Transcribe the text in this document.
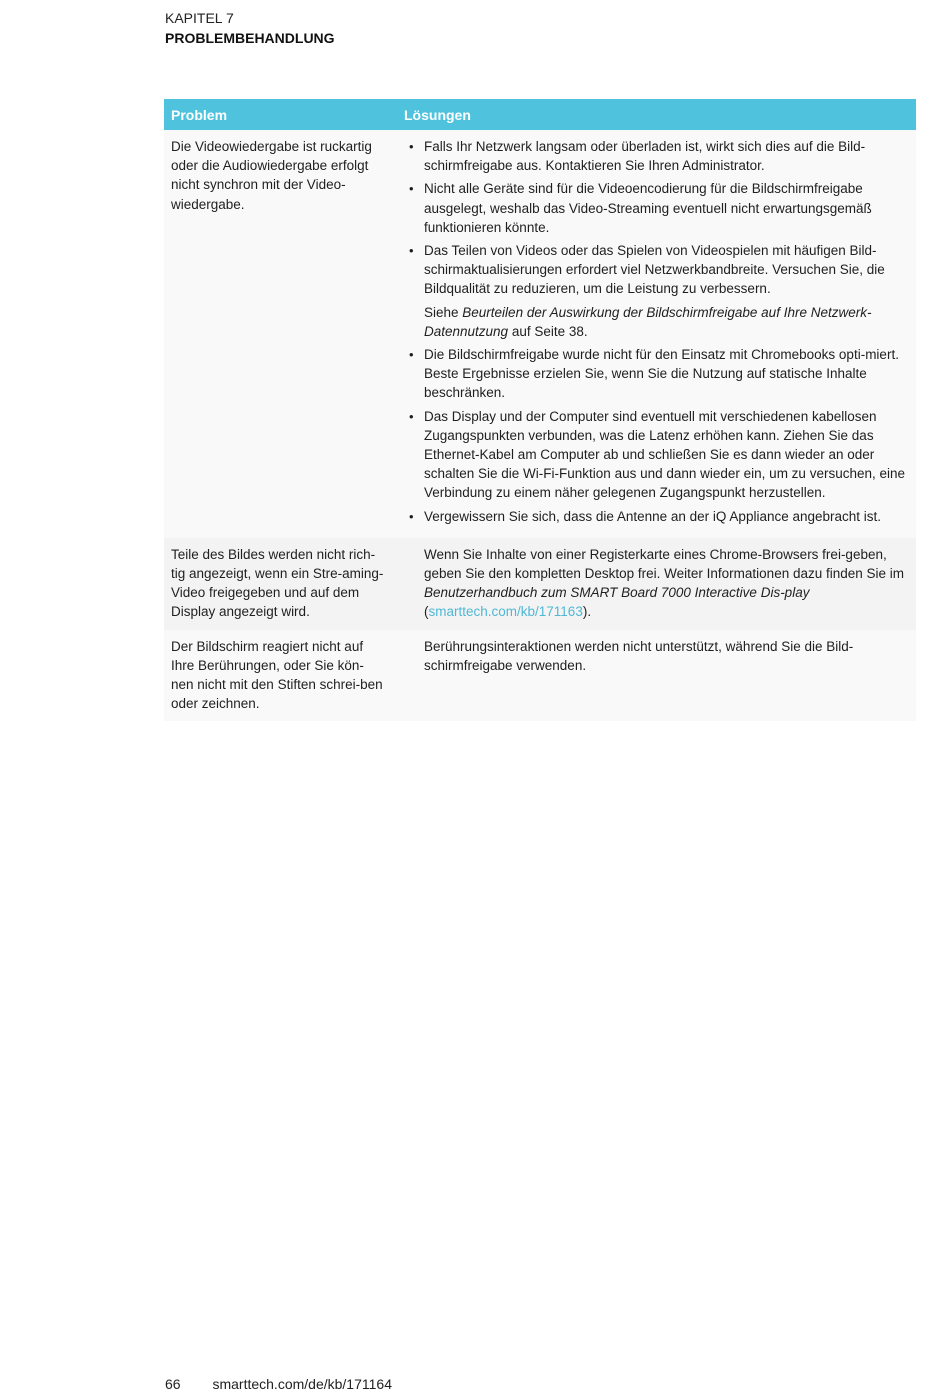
KAPITEL 7
PROBLEMBEHANDLUNG
Problem	Lösungen
Die Videowiedergabe ist ruckartig oder die Audiowiedergabe erfolgt nicht synchron mit der Video-wiedergabe.
• Falls Ihr Netzwerk langsam oder überladen ist, wirkt sich dies auf die Bild-schirmfreigabe aus. Kontaktieren Sie Ihren Administrator.
• Nicht alle Geräte sind für die Videoencodierung für die Bildschirmfreigabe ausgelegt, weshalb das Video-Streaming eventuell nicht erwartungsgemäß funktionieren könnte.
• Das Teilen von Videos oder das Spielen von Videospielen mit häufigen Bild-schirmaktualisierungen erfordert viel Netzwerkbandbreite. Versuchen Sie, die Bildqualität zu reduzieren, um die Leistung zu verbessern.

Siehe Beurteilen der Auswirkung der Bildschirmfreigabe auf Ihre Netzwerk-Datennutzung auf Seite 38.

• Die Bildschirmfreigabe wurde nicht für den Einsatz mit Chromebooks opti-miert. Beste Ergebnisse erzielen Sie, wenn Sie die Nutzung auf statische Inhalte beschränken.
• Das Display und der Computer sind eventuell mit verschiedenen kabellosen Zugangspunkten verbunden, was die Latenz erhöhen kann. Ziehen Sie das Ethernet-Kabel am Computer ab und schließen Sie es dann wieder an oder schalten Sie die Wi-Fi-Funktion aus und dann wieder ein, um zu versuchen, eine Verbindung zu einem näher gelegenen Zugangspunkt herzustellen.
• Vergewissern Sie sich, dass die Antenne an der iQ Appliance angebracht ist.
Teile des Bildes werden nicht rich-tig angezeigt, wenn ein Stre-aming-Video freigegeben und auf dem Display angezeigt wird.
Wenn Sie Inhalte von einer Registerkarte eines Chrome-Browsers frei-geben, geben Sie den kompletten Desktop frei. Weiter Informationen dazu finden Sie im Benutzerhandbuch zum SMART Board 7000 Interactive Dis-play (smarttech.com/kb/171163).
Der Bildschirm reagiert nicht auf Ihre Berührungen, oder Sie kön-nen nicht mit den Stiften schrei-ben oder zeichnen.
Berührungsinteraktionen werden nicht unterstützt, während Sie die Bild-schirmfreigabe verwenden.
66 smarttech.com/de/kb/171164
